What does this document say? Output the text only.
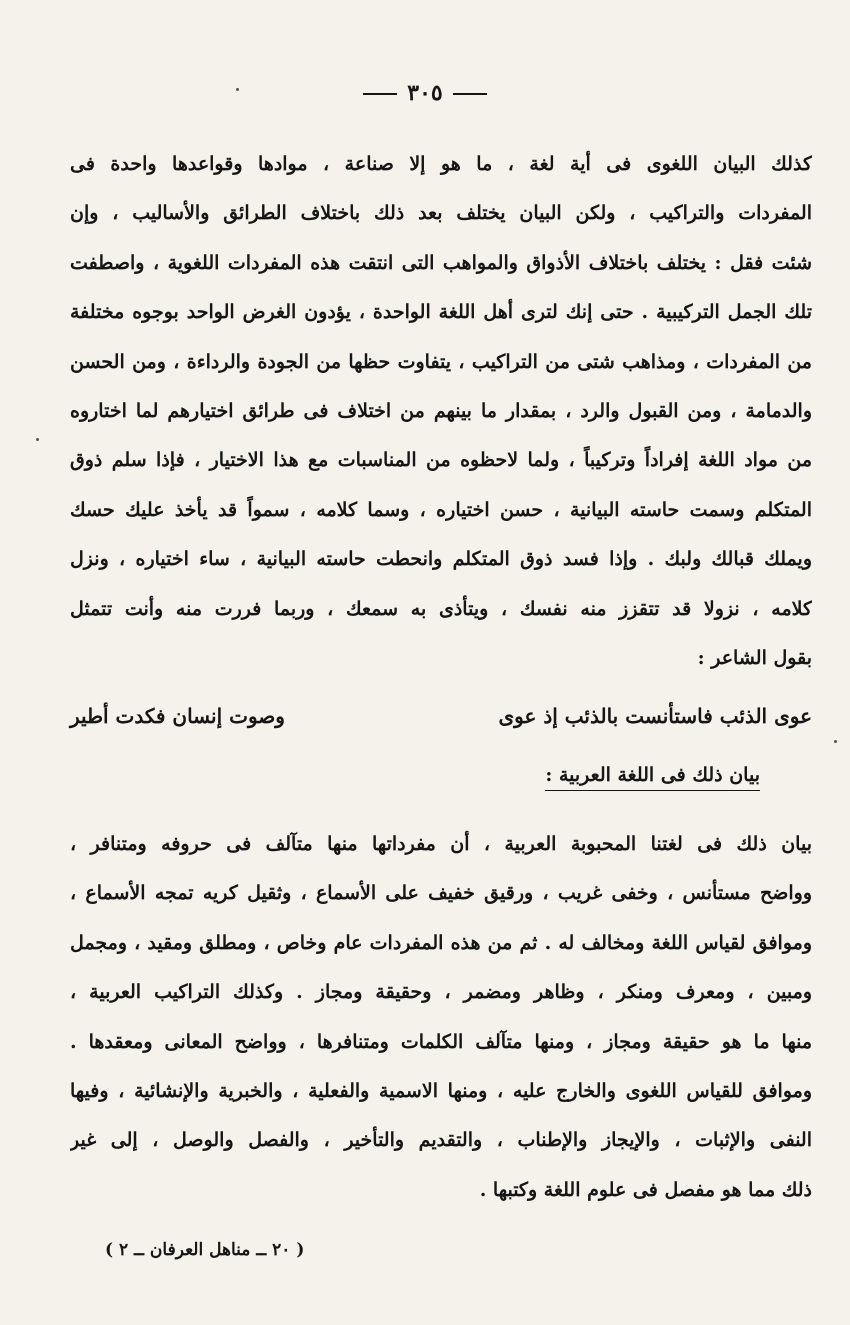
٣٠٥
كذلك البيان اللغوى فى أية لغة ، ما هو إلا صناعة ، موادها وقواعدها واحدة فى
المفردات والتراكيب ، ولكن البيان يختلف بعد ذلك باختلاف الطرائق والأساليب ، وإن
شئت فقل : يختلف باختلاف الأذواق والمواهب التى انتقت هذه المفردات اللغوية ، واصطفت
تلك الجمل التركيبية . حتى إنك لترى أهل اللغة الواحدة ، يؤدون الغرض الواحد بوجوه مختلفة
من المفردات ، ومذاهب شتى من التراكيب ، يتفاوت حظها من الجودة والرداءة ، ومن الحسن
والدمامة ، ومن القبول والرد ، بمقدار ما بينهم من اختلاف فى طرائق اختيارهم لما اختاروه
من مواد اللغة إفراداً وتركيباً ، ولما لاحظوه من المناسبات مع هذا الاختيار ، فإذا سلم ذوق
المتكلم وسمت حاسته البيانية ، حسن اختياره ، وسما كلامه ، سمواً قد يأخذ عليك حسك
ويملك قبالك ولبك . وإذا فسد ذوق المتكلم وانحطت حاسته البيانية ، ساء اختياره ، ونزل
كلامه ، نزولا قد تتقزز منه نفسك ، ويتأذى به سمعك ، وربما فررت منه وأنت تتمثل
بقول الشاعر :
عوى الذئب فاستأنست بالذئب إذ عوى
وصوت إنسان فكدت أطير
بيان ذلك فى اللغة العربية :
بيان ذلك فى لغتنا المحبوبة العربية ، أن مفرداتها منها متآلف فى حروفه ومتنافر ،
وواضح مستأنس ، وخفى غريب ، ورقيق خفيف على الأسماع ، وثقيل كريه تمجه الأسماع ،
وموافق لقياس اللغة ومخالف له . ثم من هذه المفردات عام وخاص ، ومطلق ومقيد ، ومجمل
ومبين ، ومعرف ومنكر ، وظاهر ومضمر ، وحقيقة ومجاز . وكذلك التراكيب العربية ،
منها ما هو حقيقة ومجاز ، ومنها متآلف الكلمات ومتنافرها ، وواضح المعانى ومعقدها .
وموافق للقياس اللغوى والخارج عليه ، ومنها الاسمية والفعلية ، والخبرية والإنشائية ، وفيها
النفى والإثبات ، والإيجاز والإطناب ، والتقديم والتأخير ، والفصل والوصل ، إلى غير
ذلك مما هو مفصل فى علوم اللغة وكتبها .
( ٢٠ ــ مناهل العرفان ــ ٢ )
